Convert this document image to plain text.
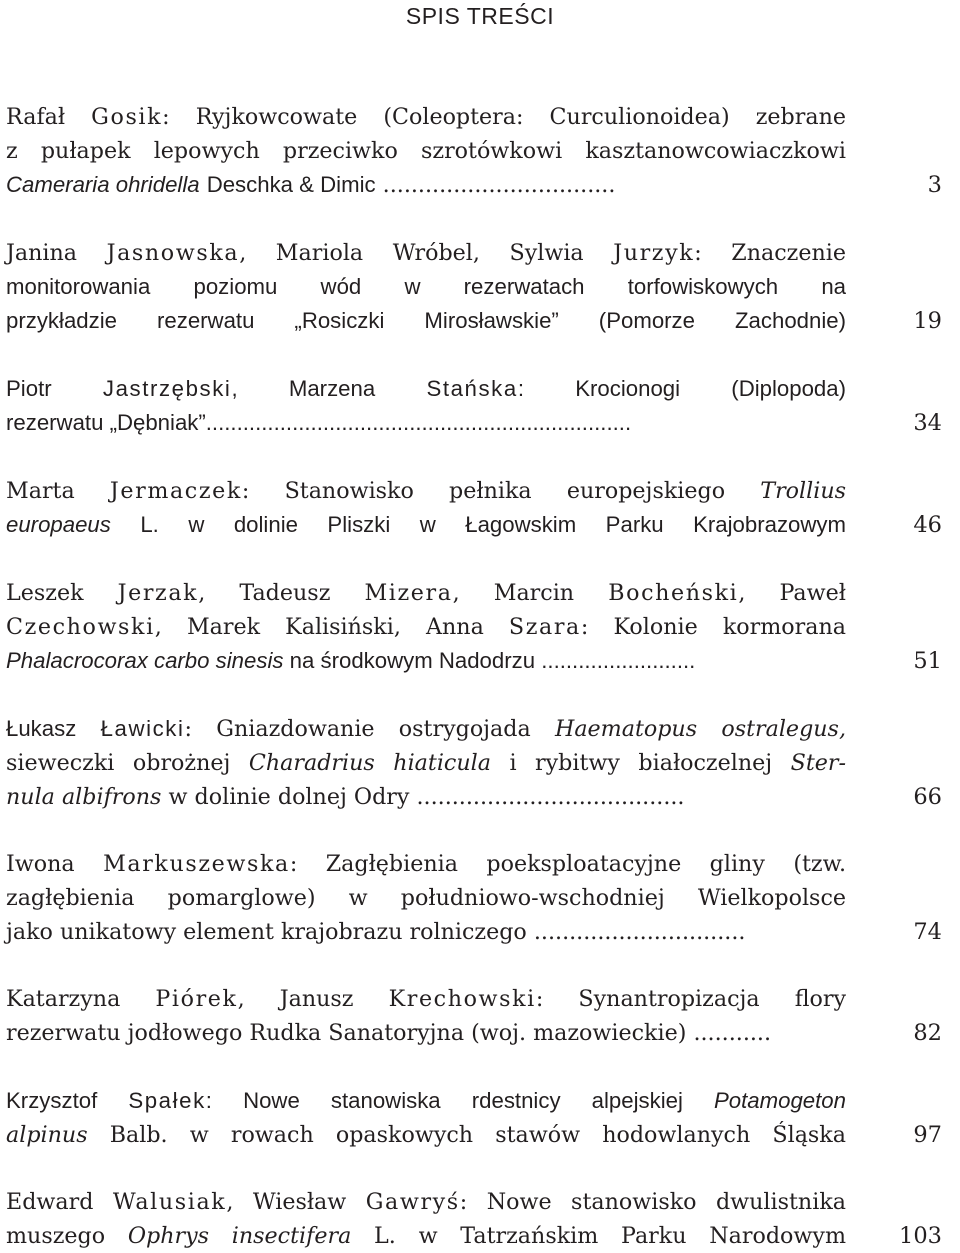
SPIS TREŚCI
Rafał Gosik: Ryjkowcowate (Coleoptera: Curculionoidea) zebrane
z pułapek lepowych przeciwko szrotówkowi kasztanowcowiaczkowi
Cameraria ohridella Deschka & Dimic .................................	3
Janina Jasnowska, Mariola Wróbel, Sylwia Jurzyk: Znaczenie
monitorowania poziomu wód w rezerwatach torfowiskowych na
przykładzie rezerwatu „Rosiczki Mirosławskie” (Pomorze Zachodnie)	19
Piotr Jastrzębski, Marzena Stańska: Krocionogi (Diplopoda)
rezerwatu „Dębniak”.....................................................................	34
Marta Jermaczek: Stanowisko pełnika europejskiego Trollius
europaeus L. w dolinie Pliszki w Łagowskim Parku Krajobrazowym	46
Leszek Jerzak, Tadeusz Mizera, Marcin Bocheński, Paweł
Czechowski, Marek Kalisiński, Anna Szara: Kolonie kormorana
Phalacrocorax carbo sinesis na środkowym Nadodrzu .........................	51
Łukasz Ławicki: Gniazdowanie ostrygojada Haematopus ostralegus,
sieweczki obrożnej Charadrius hiaticula i rybitwy białoczelnej Ster-
nula albifrons w dolinie dolnej Odry ......................................	66
Iwona Markuszewska: Zagłębienia poeksploatacyjne gliny (tzw.
zagłębienia pomarglowe) w południowo-wschodniej Wielkopolsce
jako unikatowy element krajobrazu rolniczego ..............................	74
Katarzyna Piórek, Janusz Krechowski: Synantropizacja flory
rezerwatu jodłowego Rudka Sanatoryjna (woj. mazowieckie) ...........	82
Krzysztof Spałek: Nowe stanowiska rdestnicy alpejskiej Potamogeton
alpinus Balb. w rowach opaskowych stawów hodowlanych Śląska	97
Edward Walusiak, Wiesław Gawryś: Nowe stanowisko dwulistnika
muszego Ophrys insectifera L. w Tatrzańskim Parku Narodowym 103
